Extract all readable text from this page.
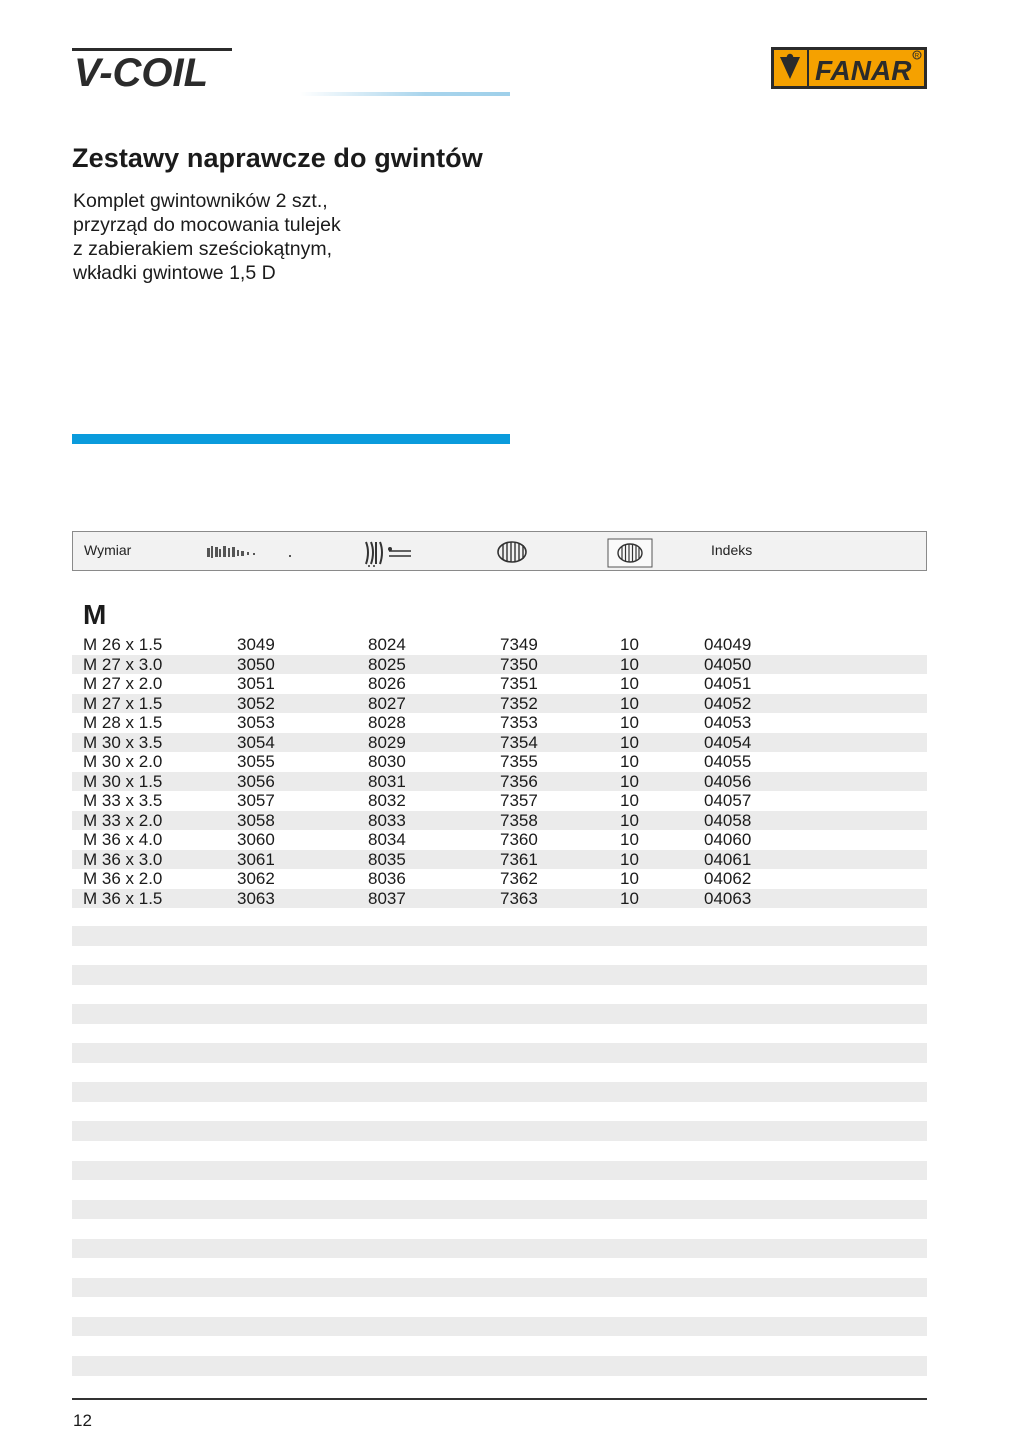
V-COIL	FANAR R
Zestawy naprawcze do gwintów
Komplet gwintowników 2 szt.,
przyrząd do mocowania tulejek
z zabierakiem sześciokątnym,
wkładki gwintowe 1,5 D
Wymiar	Indeks
M
M 26 x 1.5	3049	8024	7349	10	04049
M 27 x 3.0	3050	8025	7350	10	04050
M 27 x 2.0	3051	8026	7351	10	04051
M 27 x 1.5	3052	8027	7352	10	04052
M 28 x 1.5	3053	8028	7353	10	04053
M 30 x 3.5	3054	8029	7354	10	04054
M 30 x 2.0	3055	8030	7355	10	04055
M 30 x 1.5	3056	8031	7356	10	04056
M 33 x 3.5	3057	8032	7357	10	04057
M 33 x 2.0	3058	8033	7358	10	04058
M 36 x 4.0	3060	8034	7360	10	04060
M 36 x 3.0	3061	8035	7361	10	04061
M 36 x 2.0	3062	8036	7362	10	04062
M 36 x 1.5	3063	8037	7363	10	04063
12
